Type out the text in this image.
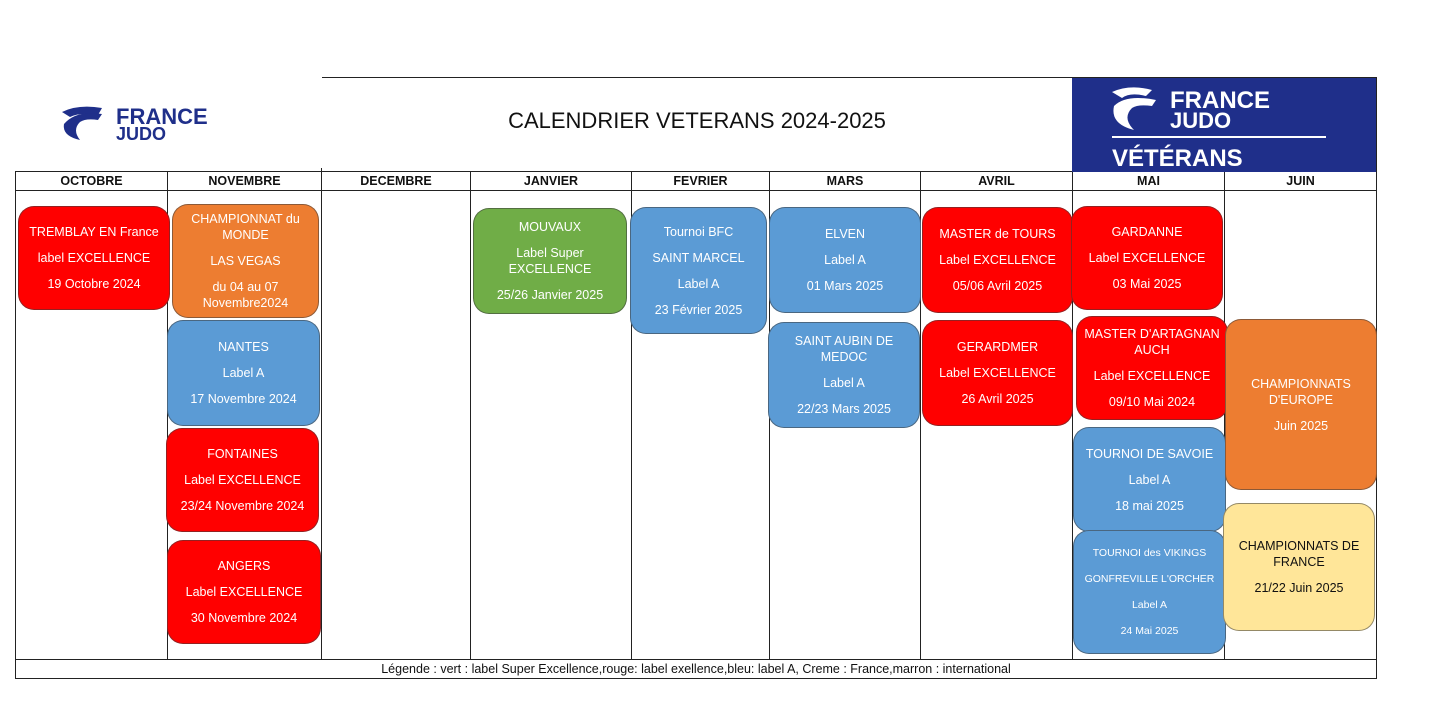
FRANCE
JUDO
CALENDRIER VETERANS 2024-2025
FRANCE
JUDO
VÉTÉRANS
OCTOBRE	NOVEMBRE	DECEMBRE	JANVIER	FEVRIER	MARS	AVRIL	MAI	JUIN
TREMBLAY EN France
label EXCELLENCE
19 Octobre 2024
CHAMPIONNAT du MONDE
LAS VEGAS
du 04 au 07 Novembre2024
NANTES
Label A
17 Novembre 2024
FONTAINES
Label EXCELLENCE
23/24 Novembre 2024
ANGERS
Label EXCELLENCE
30 Novembre 2024
MOUVAUX
Label Super EXCELLENCE
25/26 Janvier 2025
Tournoi BFC
SAINT MARCEL
Label A
23 Février 2025
ELVEN
Label A
01 Mars 2025
SAINT AUBIN DE MEDOC
Label A
22/23 Mars 2025
MASTER de TOURS
Label EXCELLENCE
05/06 Avril 2025
GERARDMER
Label EXCELLENCE
26 Avril 2025
GARDANNE
Label EXCELLENCE
03 Mai 2025
MASTER D'ARTAGNAN AUCH
Label EXCELLENCE
09/10 Mai 2024
TOURNOI DE SAVOIE
Label A
18 mai 2025
TOURNOI des VIKINGS
GONFREVILLE L'ORCHER
Label A
24 Mai 2025
CHAMPIONNATS D'EUROPE
Juin 2025
CHAMPIONNATS DE FRANCE
21/22 Juin 2025
Légende : vert : label Super Excellence,rouge: label exellence,bleu: label A, Creme : France,marron : international
